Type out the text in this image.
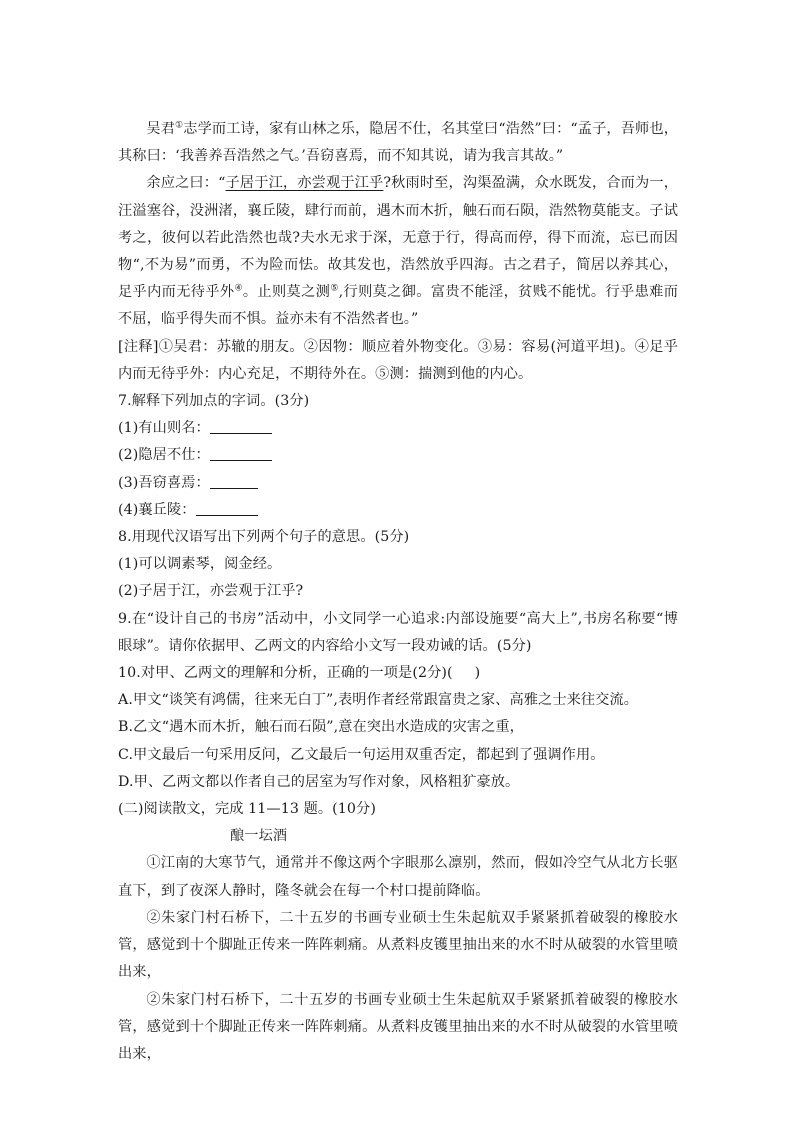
吴君①志学而工诗，家有山林之乐，隐居不仕，名其堂曰“浩然”曰：“孟子，吾师也，其称曰：‘我善养吾浩然之气。’吾窃喜焉，而不知其说，请为我言其故。”

余应之曰：“子居于江，亦尝观于江乎?秋雨时至，沟渠盈满，众水既发，合而为一，汪溢塞谷，没洲渚，襄丘陵，肆行而前，遇木而木折，触石而石陨，浩然物莫能支。子试考之，彼何以若此浩然也哉?夫水无求于深，无意于行，得高而停，得下而流，忘已而因物“,不为易”而勇，不为险而怯。故其发也，浩然放乎四海。古之君子，简居以养其心，足乎内而无待乎外④。止则莫之测⑤,行则莫之御。富贵不能淫，贫贱不能忧。行乎患难而不屈，临乎得失而不惧。益亦未有不浩然者也。”

[注释]①吴君：苏辙的朋友。②因物：顺应着外物变化。③易：容易(河道平坦)。④足乎内而无待乎外：内心充足，不期待外在。⑤测：揣测到他的内心。

7.解释下列加点的字词。(3分)

(1)有山则名：

(2)隐居不仕：

(3)吾窃喜焉：

(4)襄丘陵：

8.用现代汉语写出下列两个句子的意思。(5分)

(1)可以调素琴，阅金经。

(2)子居于江，亦尝观于江乎?

9.在“设计自己的书房”活动中，小文同学一心追求:内部设施要“高大上”,书房名称要“博眼球”。请你依据甲、乙两文的内容给小文写一段劝诫的话。(5分)

10.对甲、乙两文的理解和分析，正确的一项是(2分)( )

A.甲文“谈笑有鸿儒，往来无白丁”,表明作者经常跟富贵之家、高雅之士来往交流。

B.乙文“遇木而木折，触石而石陨”,意在突出水造成的灾害之重，

C.甲文最后一句采用反问，乙文最后一句运用双重否定，都起到了强调作用。

D.甲、乙两文都以作者自己的居室为写作对象，风格粗犷豪放。

(二)阅读散文，完成 11—13 题。(10分)

酿一坛酒

①江南的大寒节气，通常并不像这两个字眼那么凛别，然而，假如冷空气从北方长驱直下，到了夜深人静时，隆冬就会在每一个村口提前降临。

②朱家门村石桥下，二十五岁的书画专业硕士生朱起航双手紧紧抓着破裂的橡胶水管，感觉到十个脚趾正传来一阵阵刺痛。从煮料皮镬里抽出来的水不时从破裂的水管里喷出来，

②朱家门村石桥下，二十五岁的书画专业硕士生朱起航双手紧紧抓着破裂的橡胶水管，感觉到十个脚趾正传来一阵阵刺痛。从煮料皮镬里抽出来的水不时从破裂的水管里喷出来，
